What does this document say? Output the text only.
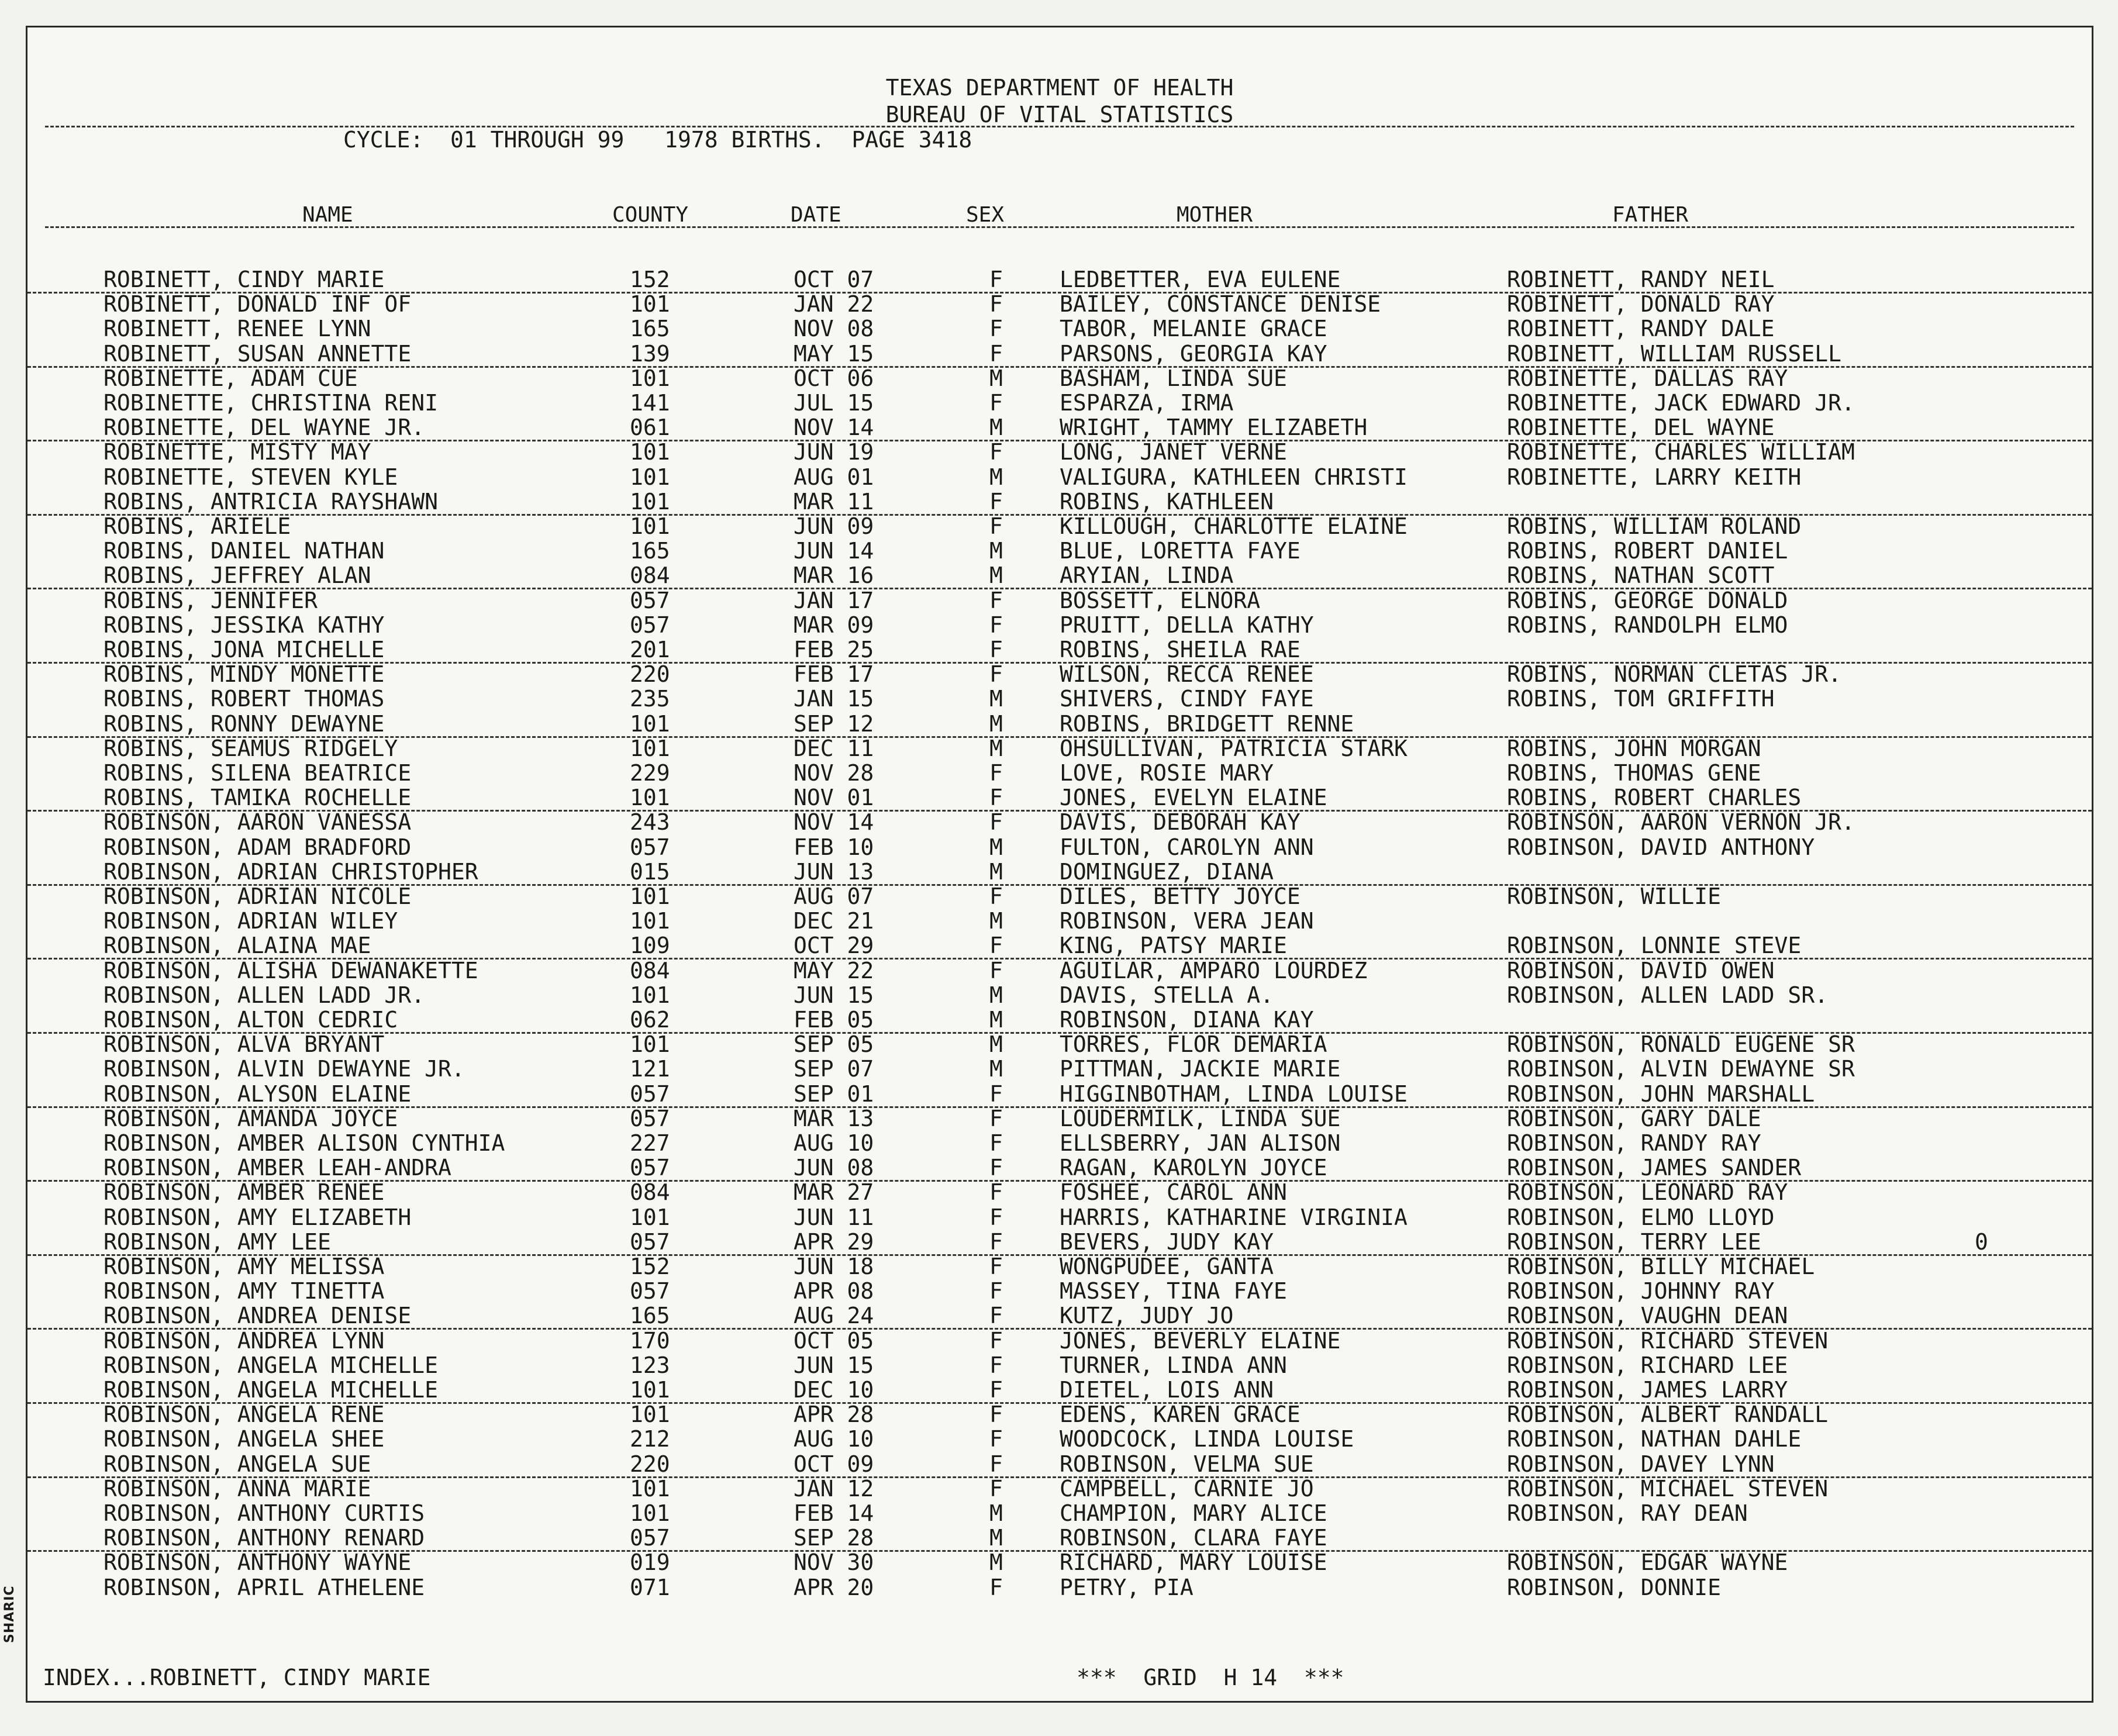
TEXAS DEPARTMENT OF HEALTH
BUREAU OF VITAL STATISTICS
CYCLE:  01 THROUGH 99   1978 BIRTHS.  PAGE 3418
NAME	COUNTY	DATE	SEX	MOTHER	FATHER
ROBINETT, CINDY MARIE	152	OCT 07	F	LEDBETTER, EVA EULENE	ROBINETT, RANDY NEIL
ROBINETT, DONALD INF OF	101	JAN 22	F	BAILEY, CONSTANCE DENISE	ROBINETT, DONALD RAY
ROBINETT, RENEE LYNN	165	NOV 08	F	TABOR, MELANIE GRACE	ROBINETT, RANDY DALE
ROBINETT, SUSAN ANNETTE	139	MAY 15	F	PARSONS, GEORGIA KAY	ROBINETT, WILLIAM RUSSELL
ROBINETTE, ADAM CUE	101	OCT 06	M	BASHAM, LINDA SUE	ROBINETTE, DALLAS RAY
ROBINETTE, CHRISTINA RENI	141	JUL 15	F	ESPARZA, IRMA	ROBINETTE, JACK EDWARD JR.
ROBINETTE, DEL WAYNE JR.	061	NOV 14	M	WRIGHT, TAMMY ELIZABETH	ROBINETTE, DEL WAYNE
ROBINETTE, MISTY MAY	101	JUN 19	F	LONG, JANET VERNE	ROBINETTE, CHARLES WILLIAM
ROBINETTE, STEVEN KYLE	101	AUG 01	M	VALIGURA, KATHLEEN CHRISTI	ROBINETTE, LARRY KEITH
ROBINS, ANTRICIA RAYSHAWN	101	MAR 11	F	ROBINS, KATHLEEN
ROBINS, ARIELE	101	JUN 09	F	KILLOUGH, CHARLOTTE ELAINE	ROBINS, WILLIAM ROLAND
ROBINS, DANIEL NATHAN	165	JUN 14	M	BLUE, LORETTA FAYE	ROBINS, ROBERT DANIEL
ROBINS, JEFFREY ALAN	084	MAR 16	M	ARYIAN, LINDA	ROBINS, NATHAN SCOTT
ROBINS, JENNIFER	057	JAN 17	F	BOSSETT, ELNORA	ROBINS, GEORGE DONALD
ROBINS, JESSIKA KATHY	057	MAR 09	F	PRUITT, DELLA KATHY	ROBINS, RANDOLPH ELMO
ROBINS, JONA MICHELLE	201	FEB 25	F	ROBINS, SHEILA RAE
ROBINS, MINDY MONETTE	220	FEB 17	F	WILSON, RECCA RENEE	ROBINS, NORMAN CLETAS JR.
ROBINS, ROBERT THOMAS	235	JAN 15	M	SHIVERS, CINDY FAYE	ROBINS, TOM GRIFFITH
ROBINS, RONNY DEWAYNE	101	SEP 12	M	ROBINS, BRIDGETT RENNE
ROBINS, SEAMUS RIDGELY	101	DEC 11	M	OHSULLIVAN, PATRICIA STARK	ROBINS, JOHN MORGAN
ROBINS, SILENA BEATRICE	229	NOV 28	F	LOVE, ROSIE MARY	ROBINS, THOMAS GENE
ROBINS, TAMIKA ROCHELLE	101	NOV 01	F	JONES, EVELYN ELAINE	ROBINS, ROBERT CHARLES
ROBINSON, AARON VANESSA	243	NOV 14	F	DAVIS, DEBORAH KAY	ROBINSON, AARON VERNON JR.
ROBINSON, ADAM BRADFORD	057	FEB 10	M	FULTON, CAROLYN ANN	ROBINSON, DAVID ANTHONY
ROBINSON, ADRIAN CHRISTOPHER	015	JUN 13	M	DOMINGUEZ, DIANA
ROBINSON, ADRIAN NICOLE	101	AUG 07	F	DILES, BETTY JOYCE	ROBINSON, WILLIE
ROBINSON, ADRIAN WILEY	101	DEC 21	M	ROBINSON, VERA JEAN
ROBINSON, ALAINA MAE	109	OCT 29	F	KING, PATSY MARIE	ROBINSON, LONNIE STEVE
ROBINSON, ALISHA DEWANAKETTE	084	MAY 22	F	AGUILAR, AMPARO LOURDEZ	ROBINSON, DAVID OWEN
ROBINSON, ALLEN LADD JR.	101	JUN 15	M	DAVIS, STELLA A.	ROBINSON, ALLEN LADD SR.
ROBINSON, ALTON CEDRIC	062	FEB 05	M	ROBINSON, DIANA KAY
ROBINSON, ALVA BRYANT	101	SEP 05	M	TORRES, FLOR DEMARIA	ROBINSON, RONALD EUGENE SR
ROBINSON, ALVIN DEWAYNE JR.	121	SEP 07	M	PITTMAN, JACKIE MARIE	ROBINSON, ALVIN DEWAYNE SR
ROBINSON, ALYSON ELAINE	057	SEP 01	F	HIGGINBOTHAM, LINDA LOUISE	ROBINSON, JOHN MARSHALL
ROBINSON, AMANDA JOYCE	057	MAR 13	F	LOUDERMILK, LINDA SUE	ROBINSON, GARY DALE
ROBINSON, AMBER ALISON CYNTHIA	227	AUG 10	F	ELLSBERRY, JAN ALISON	ROBINSON, RANDY RAY
ROBINSON, AMBER LEAH-ANDRA	057	JUN 08	F	RAGAN, KAROLYN JOYCE	ROBINSON, JAMES SANDER
ROBINSON, AMBER RENEE	084	MAR 27	F	FOSHEE, CAROL ANN	ROBINSON, LEONARD RAY
ROBINSON, AMY ELIZABETH	101	JUN 11	F	HARRIS, KATHARINE VIRGINIA	ROBINSON, ELMO LLOYD
ROBINSON, AMY LEE	057	APR 29	F	BEVERS, JUDY KAY	ROBINSON, TERRY LEE	0
ROBINSON, AMY MELISSA	152	JUN 18	F	WONGPUDEE, GANTA	ROBINSON, BILLY MICHAEL
ROBINSON, AMY TINETTA	057	APR 08	F	MASSEY, TINA FAYE	ROBINSON, JOHNNY RAY
ROBINSON, ANDREA DENISE	165	AUG 24	F	KUTZ, JUDY JO	ROBINSON, VAUGHN DEAN
ROBINSON, ANDREA LYNN	170	OCT 05	F	JONES, BEVERLY ELAINE	ROBINSON, RICHARD STEVEN
ROBINSON, ANGELA MICHELLE	123	JUN 15	F	TURNER, LINDA ANN	ROBINSON, RICHARD LEE
ROBINSON, ANGELA MICHELLE	101	DEC 10	F	DIETEL, LOIS ANN	ROBINSON, JAMES LARRY
ROBINSON, ANGELA RENE	101	APR 28	F	EDENS, KAREN GRACE	ROBINSON, ALBERT RANDALL
ROBINSON, ANGELA SHEE	212	AUG 10	F	WOODCOCK, LINDA LOUISE	ROBINSON, NATHAN DAHLE
ROBINSON, ANGELA SUE	220	OCT 09	F	ROBINSON, VELMA SUE	ROBINSON, DAVEY LYNN
ROBINSON, ANNA MARIE	101	JAN 12	F	CAMPBELL, CARNIE JO	ROBINSON, MICHAEL STEVEN
ROBINSON, ANTHONY CURTIS	101	FEB 14	M	CHAMPION, MARY ALICE	ROBINSON, RAY DEAN
ROBINSON, ANTHONY RENARD	057	SEP 28	M	ROBINSON, CLARA FAYE
ROBINSON, ANTHONY WAYNE	019	NOV 30	M	RICHARD, MARY LOUISE	ROBINSON, EDGAR WAYNE
ROBINSON, APRIL ATHELENE	071	APR 20	F	PETRY, PIA	ROBINSON, DONNIE
INDEX...ROBINETT, CINDY MARIE	***  GRID  H 14  ***
SHARIC
